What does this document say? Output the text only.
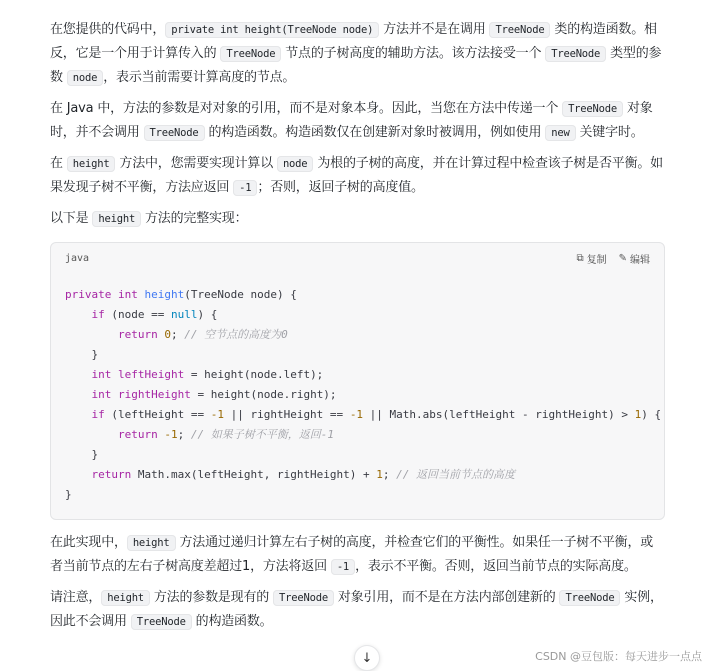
在您提供的代码中， private int height(TreeNode node) 方法并不是在调用 TreeNode 类的构造函数。相反，它是一个用于计算传入的 TreeNode 节点的子树高度的辅助方法。该方法接受一个 TreeNode 类型的参数 node ，表示当前需要计算高度的节点。

在 Java 中，方法的参数是对对象的引用，而不是对象本身。因此，当您在方法中传递一个 TreeNode 对象时，并不会调用 TreeNode 的构造函数。构造函数仅在创建新对象时被调用，例如使用 new 关键字时。

在 height 方法中，您需要实现计算以 node 为根的子树的高度，并在计算过程中检查该子树是否平衡。如果发现子树不平衡，方法应返回 -1 ；否则，返回子树的高度值。

以下是 height 方法的完整实现：

java	⧉ 复制 ✎ 编辑
private int height(TreeNode node) {
if (node == null) {
return 0; // 空节点的高度为0
}
int leftHeight = height(node.left);
int rightHeight = height(node.right);
if (leftHeight == -1 || rightHeight == -1 || Math.abs(leftHeight - rightHeight) > 1) {
return -1; // 如果子树不平衡，返回-1
}
return Math.max(leftHeight, rightHeight) + 1; // 返回当前节点的高度
}

在此实现中， height 方法通过递归计算左右子树的高度，并检查它们的平衡性。如果任一子树不平衡，或者当前节点的左右子树高度差超过1，方法将返回 -1 ，表示不平衡。否则，返回当前节点的实际高度。

请注意， height 方法的参数是现有的 TreeNode 对象引用，而不是在方法内部创建新的 TreeNode 实例，因此不会调用 TreeNode 的构造函数。

↓	CSDN @豆包版：每天进步一点点
